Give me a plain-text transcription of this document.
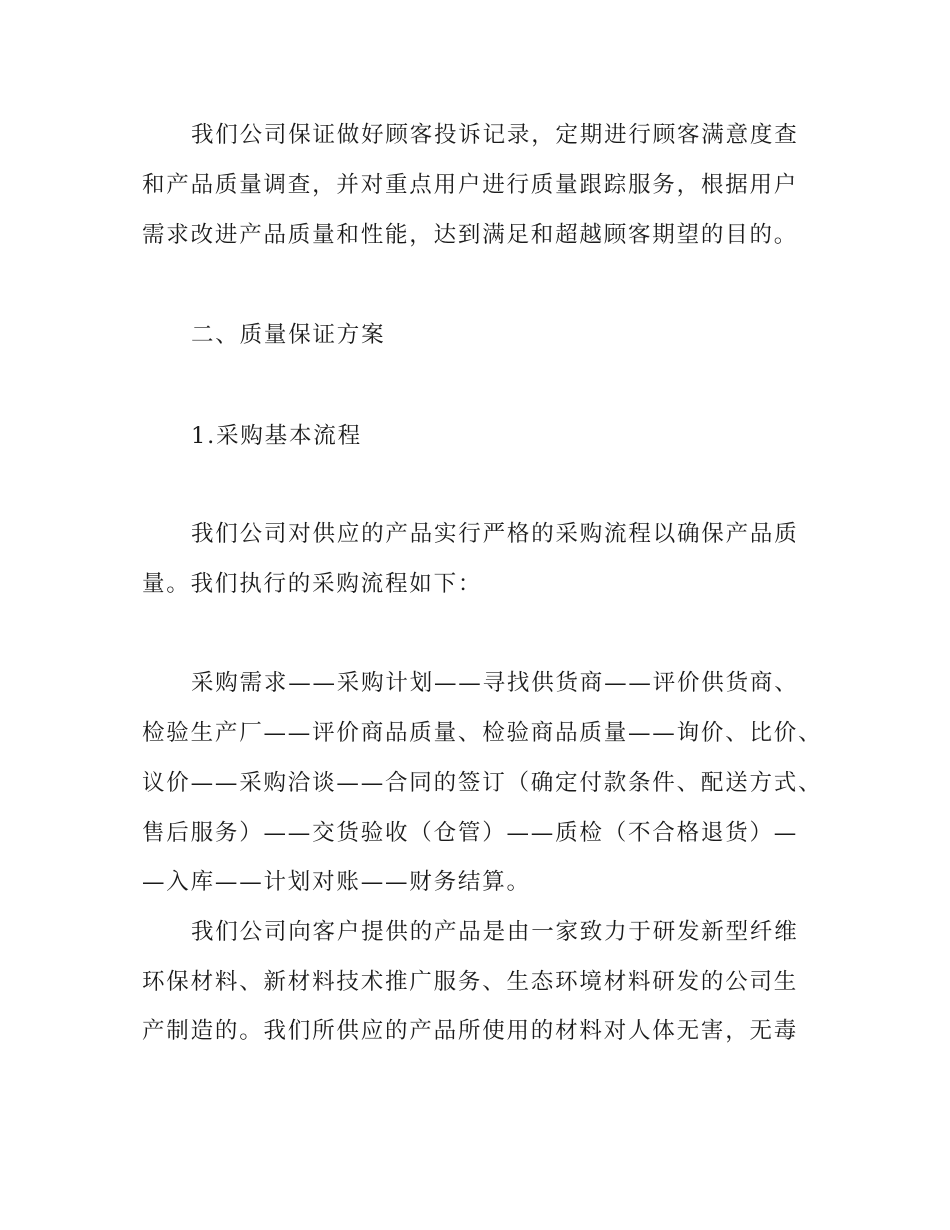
我们公司保证做好顾客投诉记录，定期进行顾客满意度查
和产品质量调查，并对重点用户进行质量跟踪服务，根据用户
需求改进产品质量和性能，达到满足和超越顾客期望的目的。
二、质量保证方案
1.采购基本流程
我们公司对供应的产品实行严格的采购流程以确保产品质
量。我们执行的采购流程如下：
采购需求——采购计划——寻找供货商——评价供货商、
检验生产厂——评价商品质量、检验商品质量——询价、比价、
议价——采购洽谈——合同的签订（确定付款条件、配送方式、
售后服务）——交货验收（仓管）——质检（不合格退货）—
—入库——计划对账——财务结算。
我们公司向客户提供的产品是由一家致力于研发新型纤维
环保材料、新材料技术推广服务、生态环境材料研发的公司生
产制造的。我们所供应的产品所使用的材料对人体无害，无毒
